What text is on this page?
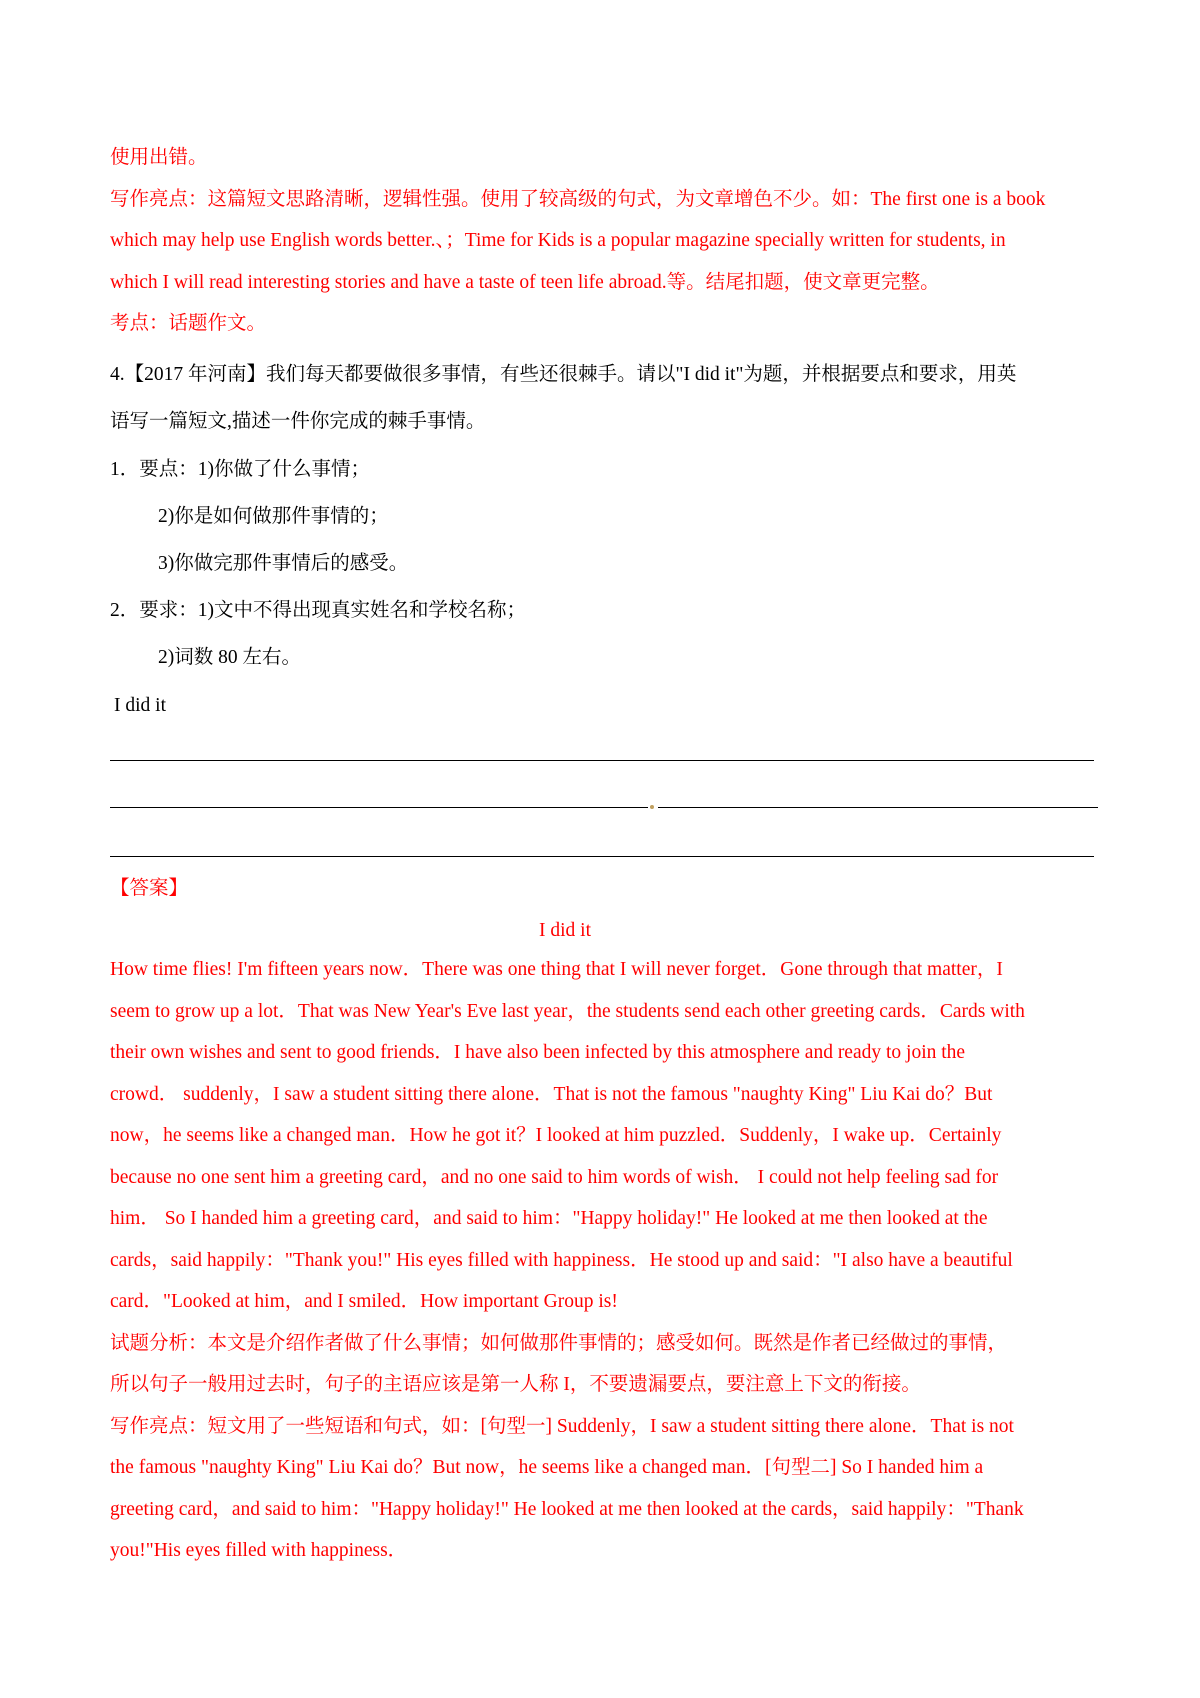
使用出错。
写作亮点：这篇短文思路清晰，逻辑性强。使用了较高级的句式，为文章增色不少。如：The first one is a book
which may help use English words better.、；Time for Kids is a popular magazine specially written for students, in
which I will read interesting stories and have a taste of teen life abroad.等。结尾扣题，使文章更完整。
考点：话题作文。
4.【2017 年河南】我们每天都要做很多事情，有些还很棘手。请以"I did it"为题，并根据要点和要求，用英
语写一篇短文,描述一件你完成的棘手事情。
1．要点：1)你做了什么事情；
2)你是如何做那件事情的；
3)你做完那件事情后的感受。
2．要求：1)文中不得出现真实姓名和学校名称；
2)词数 80 左右。
I did it
【答案】
I did it
How time flies! I'm fifteen years now．There was one thing that I will never forget．Gone through that matter，I
seem to grow up a lot．That was New Year's Eve last year，the students send each other greeting cards．Cards with
their own wishes and sent to good friends．I have also been infected by this atmosphere and ready to join the
crowd． suddenly，I saw a student sitting there alone．That is not the famous "naughty King" Liu Kai do？But
now，he seems like a changed man．How he got it？I looked at him puzzled．Suddenly，I wake up．Certainly
because no one sent him a greeting card，and no one said to him words of wish． I could not help feeling sad for
him． So I handed him a greeting card，and said to him："Happy holiday!" He looked at me then looked at the
cards，said happily："Thank you!" His eyes filled with happiness．He stood up and said："I also have a beautiful
card．"Looked at him，and I smiled．How important Group is!
试题分析：本文是介绍作者做了什么事情；如何做那件事情的；感受如何。既然是作者已经做过的事情，
所以句子一般用过去时，句子的主语应该是第一人称 I，不要遗漏要点，要注意上下文的衔接。
写作亮点：短文用了一些短语和句式，如：[句型一] Suddenly，I saw a student sitting there alone．That is not
the famous "naughty King" Liu Kai do？But now，he seems like a changed man．[句型二] So I handed him a
greeting card，and said to him："Happy holiday!" He looked at me then looked at the cards，said happily："Thank
you!"His eyes filled with happiness．
